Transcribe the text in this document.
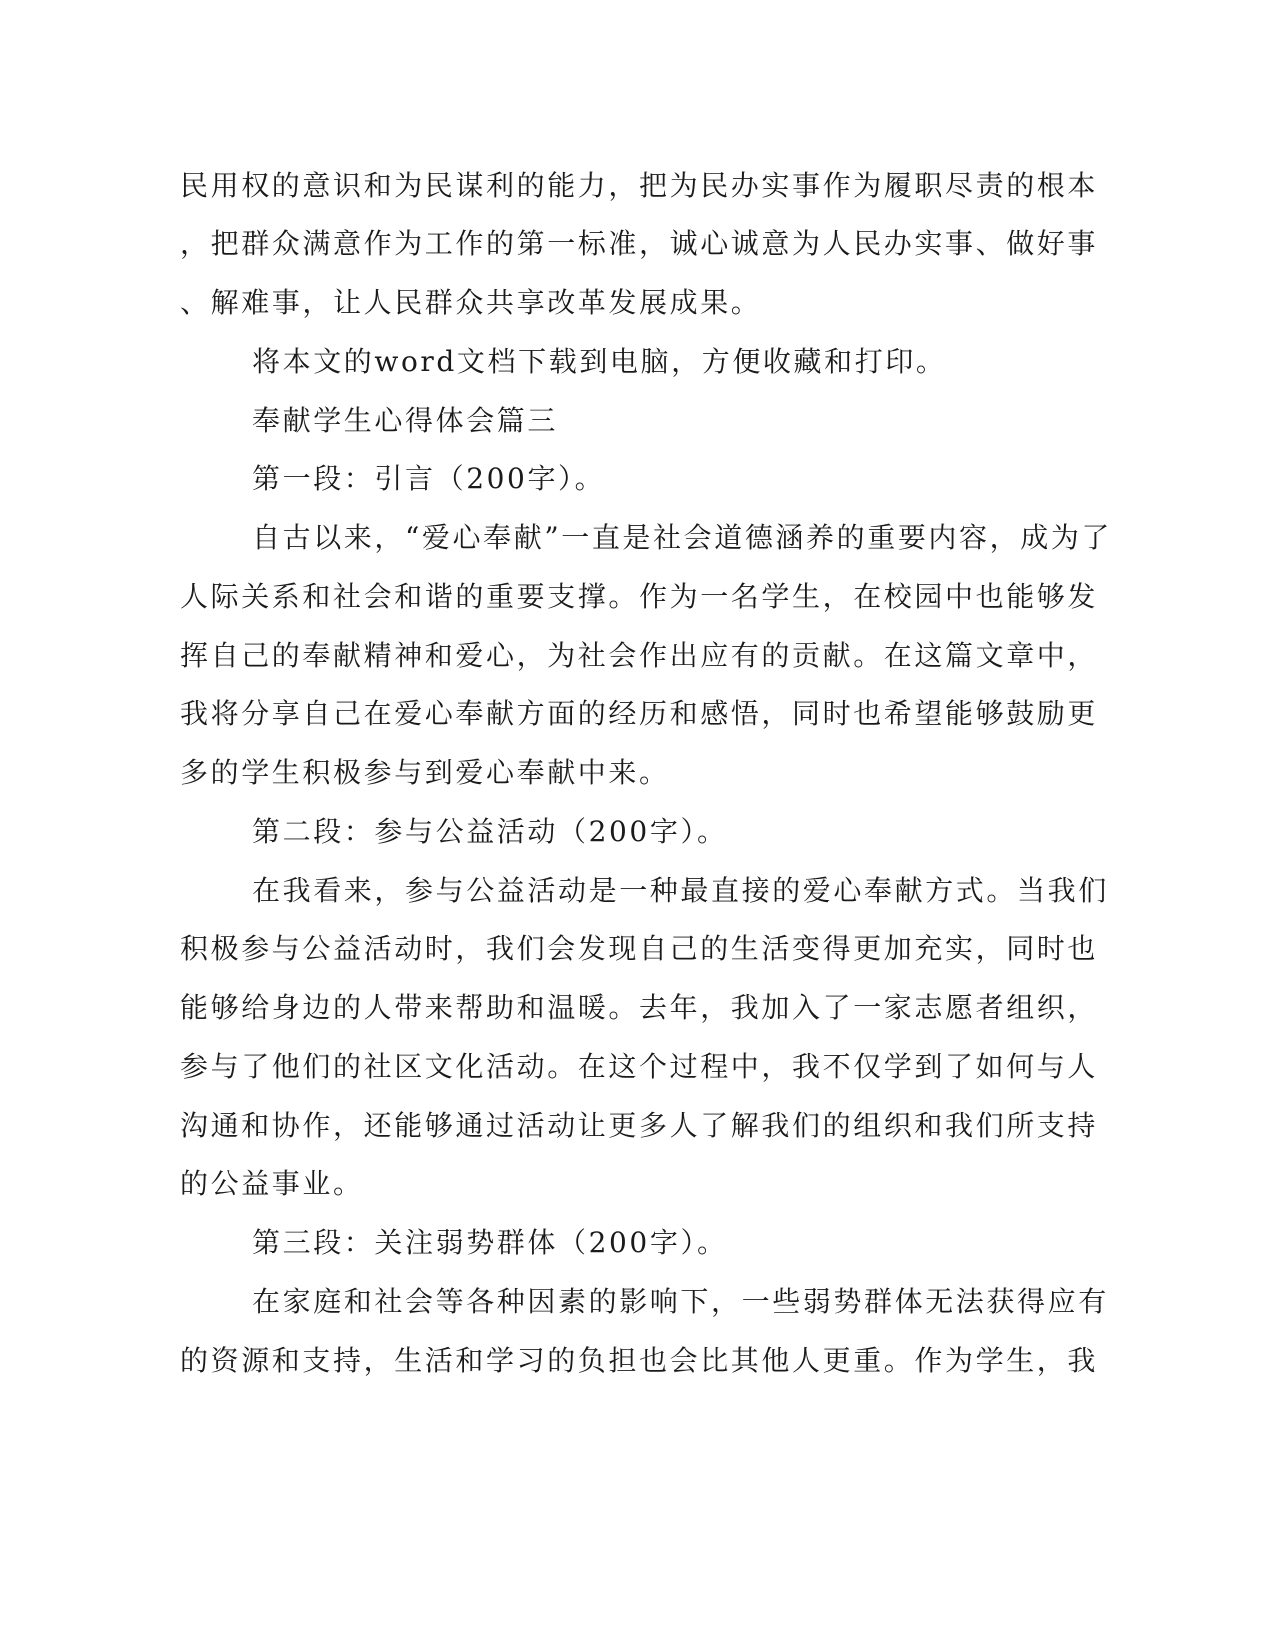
民用权的意识和为民谋利的能力，把为民办实事作为履职尽责的根本
，把群众满意作为工作的第一标准，诚心诚意为人民办实事、做好事
、解难事，让人民群众共享改革发展成果。
将本文的word文档下载到电脑，方便收藏和打印。
奉献学生心得体会篇三
第一段：引言（200字）。
自古以来，“爱心奉献”一直是社会道德涵养的重要内容，成为了
人际关系和社会和谐的重要支撑。作为一名学生，在校园中也能够发
挥自己的奉献精神和爱心，为社会作出应有的贡献。在这篇文章中，
我将分享自己在爱心奉献方面的经历和感悟，同时也希望能够鼓励更
多的学生积极参与到爱心奉献中来。
第二段：参与公益活动（200字）。
在我看来，参与公益活动是一种最直接的爱心奉献方式。当我们
积极参与公益活动时，我们会发现自己的生活变得更加充实，同时也
能够给身边的人带来帮助和温暖。去年，我加入了一家志愿者组织，
参与了他们的社区文化活动。在这个过程中，我不仅学到了如何与人
沟通和协作，还能够通过活动让更多人了解我们的组织和我们所支持
的公益事业。
第三段：关注弱势群体（200字）。
在家庭和社会等各种因素的影响下，一些弱势群体无法获得应有
的资源和支持，生活和学习的负担也会比其他人更重。作为学生，我
